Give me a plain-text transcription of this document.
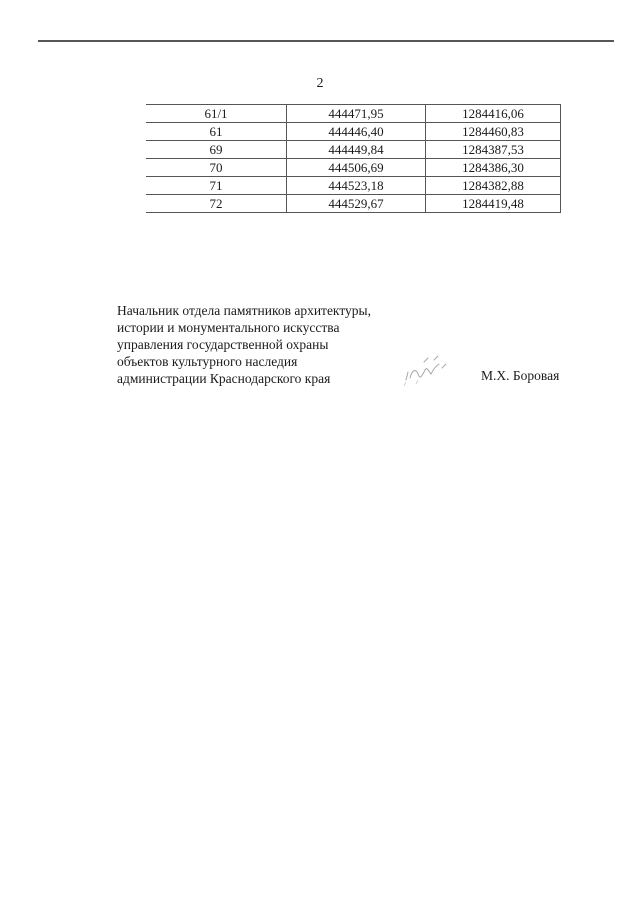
2
61/1	444471,95	1284416,06
61	444446,40	1284460,83
69	444449,84	1284387,53
70	444506,69	1284386,30
71	444523,18	1284382,88
72	444529,67	1284419,48
Начальник отдела памятников архитектуры,
истории и монументального искусства
управления государственной охраны
объектов культурного наследия
администрации Краснодарского края	М.Х. Боровая
